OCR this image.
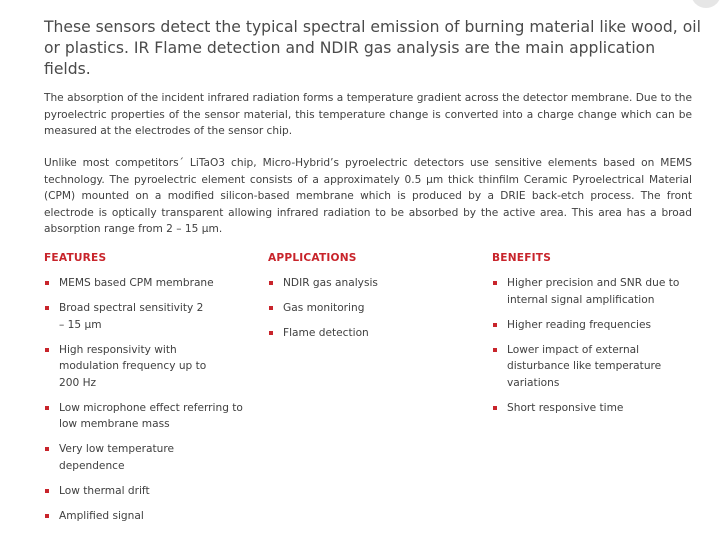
These sensors detect the typical spectral emission of burning material like wood, oil or plastics. IR Flame detection and NDIR gas analysis are the main application fields.

The absorption of the incident infrared radiation forms a temperature gradient across the detector membrane. Due to the pyroelectric properties of the sensor material, this temperature change is converted into a charge change which can be measured at the electrodes of the sensor chip.

Unlike most competitors´ LiTaO3 chip, Micro-Hybrid’s pyroelectric detectors use sensitive elements based on MEMS technology. The pyroelectric element consists of a approximately 0.5 µm thick thinfilm Ceramic Pyroelectrical Material (CPM) mounted on a modified silicon-based membrane which is produced by a DRIE back-etch process. The front electrode is optically transparent allowing infrared radiation to be absorbed by the active area. This area has a broad absorption range from 2 – 15 µm.

FEATURES
MEMS based CPM membrane
Broad spectral sensitivity 2 – 15 µm
High responsivity with modulation frequency up to 200 Hz
Low microphone effect referring to low membrane mass
Very low temperature dependence
Low thermal drift
Amplified signal
APPLICATIONS
NDIR gas analysis
Gas monitoring
Flame detection
BENEFITS
Higher precision and SNR due to internal signal amplification
Higher reading frequencies
Lower impact of external disturbance like temperature variations
Short responsive time
